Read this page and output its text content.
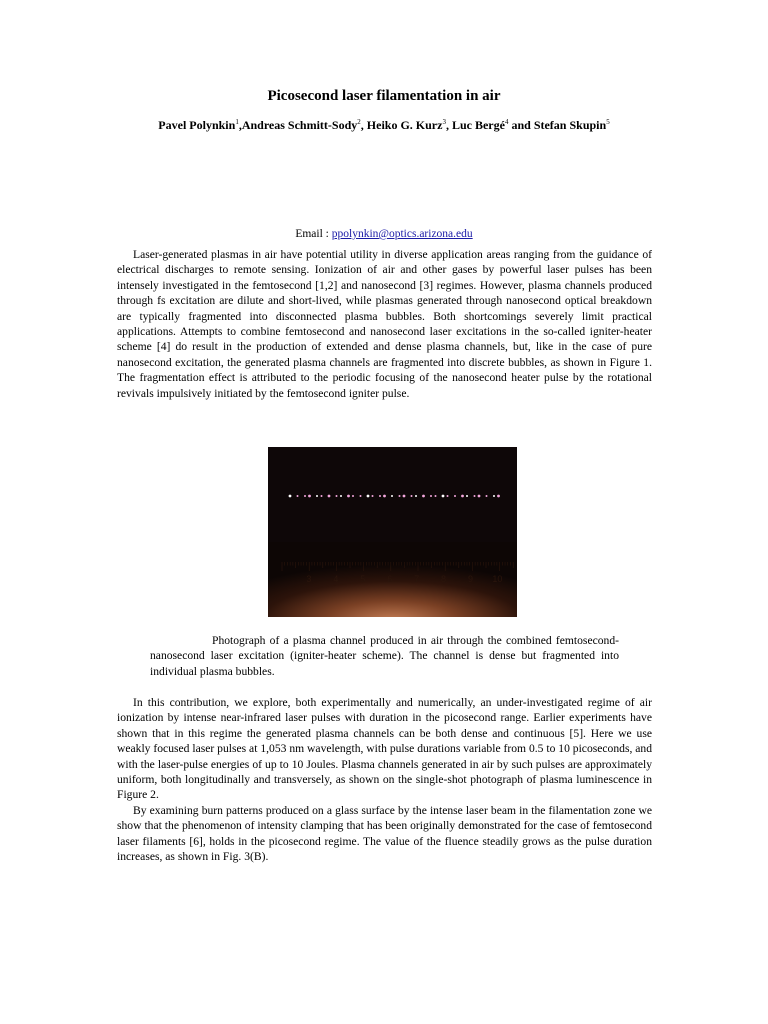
Picosecond laser filamentation in air
Pavel Polynkin$^1$,Andreas Schmitt-Sody$^2$, Heiko G. Kurz$^3$, Luc Bergé$^4$ and Stefan Skupin$^5$
Email : ppolynkin@optics.arizona.edu

Laser-generated plasmas in air have potential utility in diverse application areas ranging from the guidance of electrical discharges to remote sensing. Ionization of air and other gases by powerful laser pulses has been intensely investigated in the femtosecond [1,2] and nanosecond [3] regimes. However, plasma channels produced through fs excitation are dilute and short-lived, while plasmas generated through nanosecond optical breakdown are typically fragmented into disconnected plasma bubbles. Both shortcomings severely limit practical applications. Attempts to combine femtosecond and nanosecond laser excitations in the so-called igniter-heater scheme [4] do result in the production of extended and dense plasma channels, but, like in the case of pure nanosecond excitation, the generated plasma channels are fragmented into discrete bubbles, as shown in Figure 1. The fragmentation effect is attributed to the periodic focusing of the nanosecond heater pulse by the rotational revivals impulsively initiated by the femtosecond igniter pulse.

3 4 5 6 7 8 9 10

Photograph of a plasma channel produced in air through the combined femtosecond-nanosecond laser excitation (igniter-heater scheme). The channel is dense but fragmented into individual plasma bubbles.

In this contribution, we explore, both experimentally and numerically, an under-investigated regime of air ionization by intense near-infrared laser pulses with duration in the picosecond range. Earlier experiments have shown that in this regime the generated plasma channels can be both dense and continuous [5]. Here we use weakly focused laser pulses at 1,053 nm wavelength, with pulse durations variable from 0.5 to 10 picoseconds, and with the laser-pulse energies of up to 10 Joules. Plasma channels generated in air by such pulses are approximately uniform, both longitudinally and transversely, as shown on the single-shot photograph of plasma luminescence in Figure 2.

By examining burn patterns produced on a glass surface by the intense laser beam in the filamentation zone we show that the phenomenon of intensity clamping that has been originally demonstrated for the case of femtosecond laser filaments [6], holds in the picosecond regime. The value of the fluence steadily grows as the pulse duration increases, as shown in Fig. 3(B).
